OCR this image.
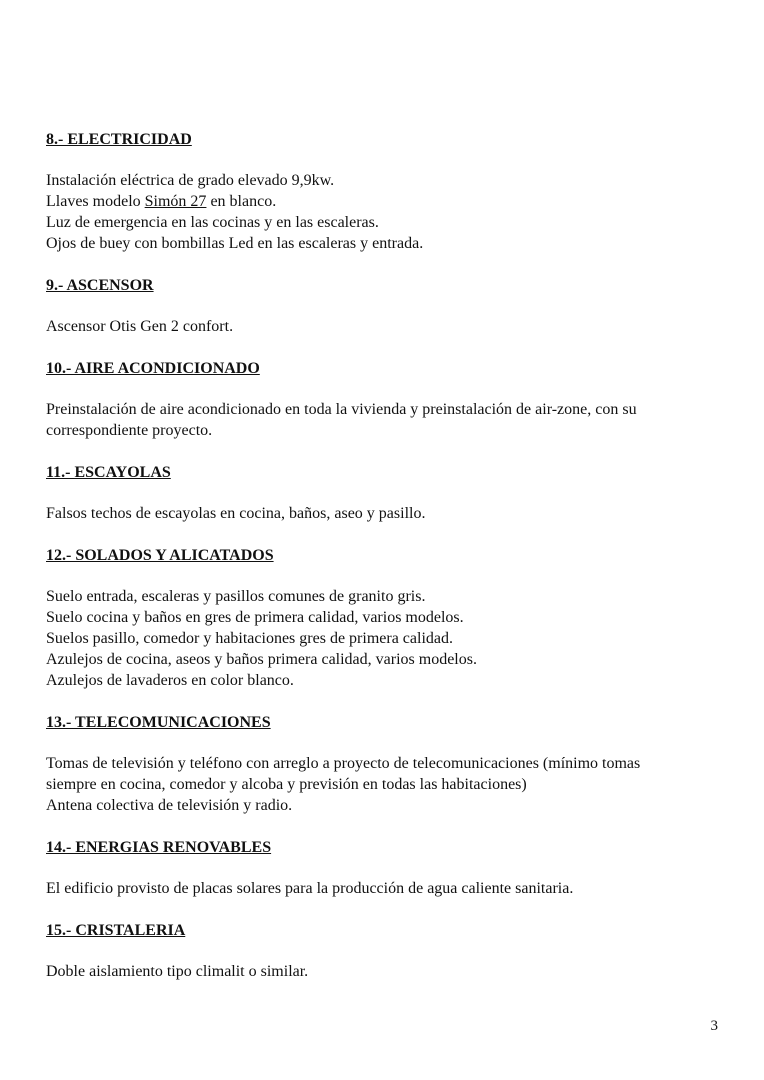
8.- ELECTRICIDAD
Instalación eléctrica de grado elevado 9,9kw.
Llaves modelo Simón 27 en blanco.
Luz de emergencia en las cocinas y en las escaleras.
Ojos de buey con bombillas Led en las escaleras y entrada.
9.- ASCENSOR
Ascensor Otis Gen 2 confort.
10.- AIRE ACONDICIONADO
Preinstalación de aire acondicionado en toda la vivienda y preinstalación de air-zone, con su
correspondiente proyecto.
11.- ESCAYOLAS
Falsos techos de escayolas en cocina, baños, aseo y pasillo.
12.- SOLADOS Y ALICATADOS
Suelo entrada, escaleras y pasillos comunes de granito gris.
Suelo cocina y baños en gres de primera calidad, varios modelos.
Suelos pasillo, comedor y habitaciones gres de primera calidad.
Azulejos de cocina, aseos y baños primera calidad, varios modelos.
Azulejos de lavaderos en color blanco.
13.- TELECOMUNICACIONES
Tomas de televisión y teléfono con arreglo a proyecto de telecomunicaciones (mínimo tomas
siempre en cocina, comedor y alcoba y previsión en todas las habitaciones)
Antena colectiva de televisión y radio.
14.- ENERGIAS RENOVABLES
El edificio provisto de placas solares para la producción de agua caliente sanitaria.
15.- CRISTALERIA
Doble aislamiento tipo climalit o similar.
3
